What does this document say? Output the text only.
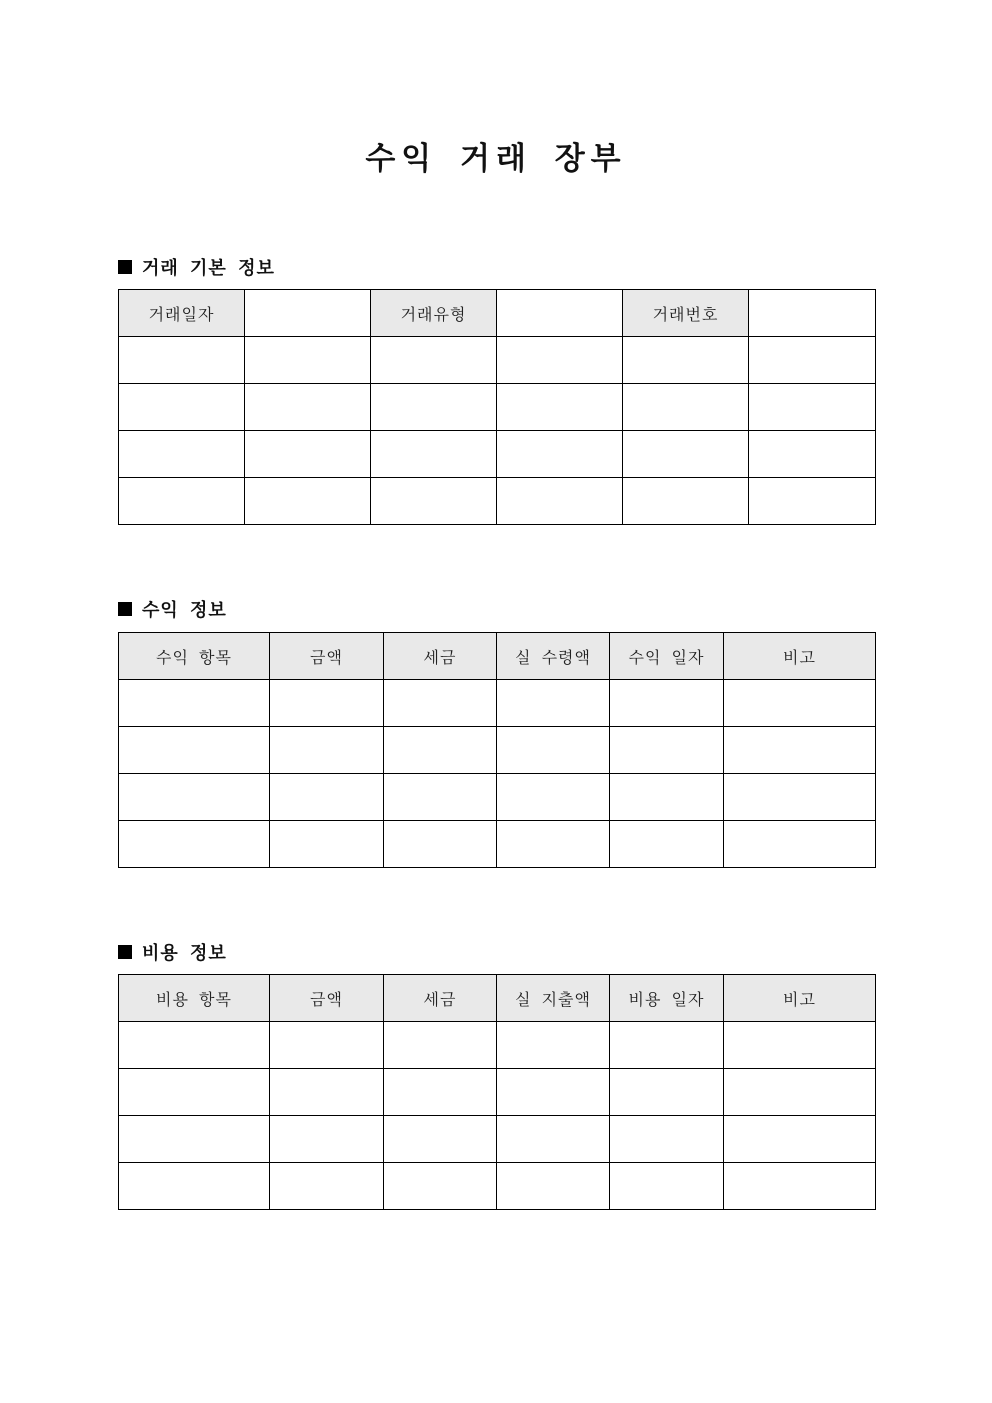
수익 거래 장부
거래 기본 정보
거래일자		거래유형		거래번호	

수익 정보
수익 항목	금액	세금	실 수령액	수익 일자	비고

비용 정보
비용 항목	금액	세금	실 지출액	비용 일자	비고
